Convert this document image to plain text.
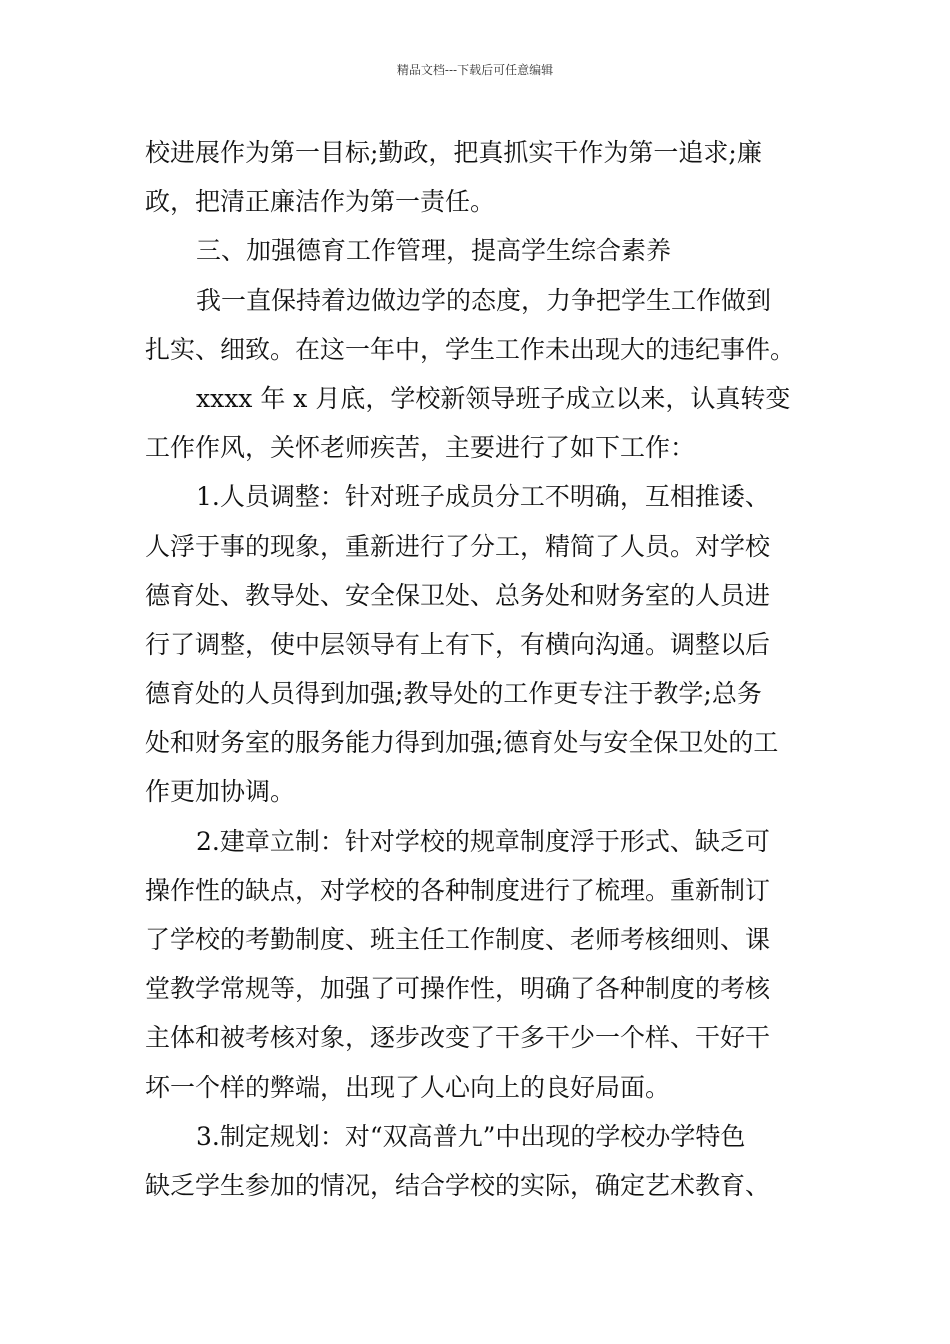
精品文档---下载后可任意编辑

校进展作为第一目标;勤政，把真抓实干作为第一追求;廉
政，把清正廉洁作为第一责任。
三、加强德育工作管理，提高学生综合素养
我一直保持着边做边学的态度，力争把学生工作做到
扎实、细致。在这一年中，学生工作未出现大的违纪事件。
xxxx 年 x 月底，学校新领导班子成立以来，认真转变
工作作风，关怀老师疾苦，主要进行了如下工作：
1.人员调整：针对班子成员分工不明确，互相推诿、
人浮于事的现象，重新进行了分工，精简了人员。对学校
德育处、教导处、安全保卫处、总务处和财务室的人员进
行了调整，使中层领导有上有下，有横向沟通。调整以后
德育处的人员得到加强;教导处的工作更专注于教学;总务
处和财务室的服务能力得到加强;德育处与安全保卫处的工
作更加协调。
2.建章立制：针对学校的规章制度浮于形式、缺乏可
操作性的缺点，对学校的各种制度进行了梳理。重新制订
了学校的考勤制度、班主任工作制度、老师考核细则、课
堂教学常规等，加强了可操作性，明确了各种制度的考核
主体和被考核对象，逐步改变了干多干少一个样、干好干
坏一个样的弊端，出现了人心向上的良好局面。
3.制定规划：对“双高普九”中出现的学校办学特色
缺乏学生参加的情况，结合学校的实际，确定艺术教育、
